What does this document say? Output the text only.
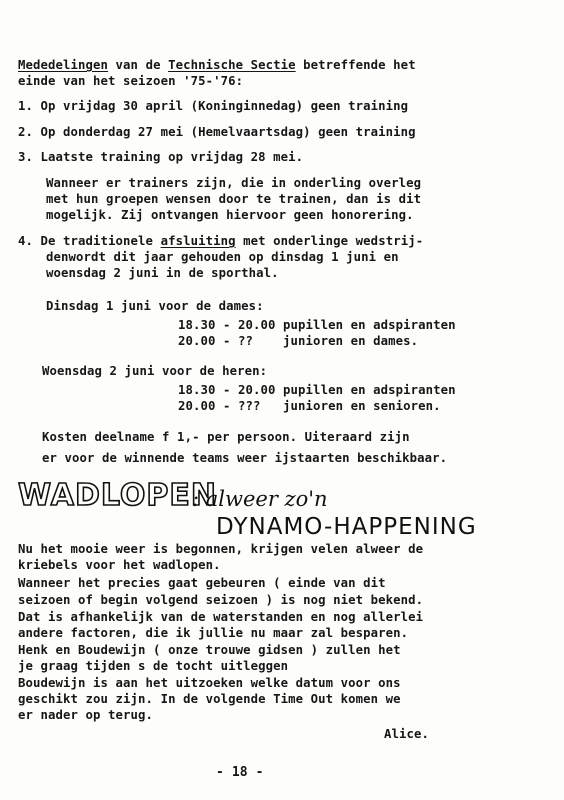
Mededelingen van de Technische Sectie betreffende het
einde van het seizoen '75-'76:
1. Op vrijdag 30 april (Koninginnedag) geen training
2. Op donderdag 27 mei (Hemelvaartsdag) geen training
3. Laatste training op vrijdag 28 mei.
Wanneer er trainers zijn, die in onderling overleg
met hun groepen wensen door te trainen, dan is dit
mogelijk. Zij ontvangen hiervoor geen honorering.
4. De traditionele afsluiting met onderlinge wedstrij-
denwordt dit jaar gehouden op dinsdag 1 juni en
woensdag 2 juni in de sporthal.
Dinsdag 1 juni voor de dames:
18.30 - 20.00 pupillen en adspiranten
20.00 - ??    junioren en dames.
Woensdag 2 juni voor de heren:
18.30 - 20.00 pupillen en adspiranten
20.00 - ???   junioren en senioren.
Kosten deelname f 1,- per persoon. Uiteraard zijn
er voor de winnende teams weer ijstaarten beschikbaar.
WADLOPEN
: alweer zo'n
DYNAMO-HAPPENING
Nu het mooie weer is begonnen, krijgen velen alweer de
kriebels voor het wadlopen.
Wanneer het precies gaat gebeuren ( einde van dit
seizoen of begin volgend seizoen ) is nog niet bekend.
Dat is afhankelijk van de waterstanden en nog allerlei
andere factoren, die ik jullie nu maar zal besparen.
Henk en Boudewijn ( onze trouwe gidsen ) zullen het
je graag tijden s de tocht uitleggen
Boudewijn is aan het uitzoeken welke datum voor ons
geschikt zou zijn. In de volgende Time Out komen we
er nader op terug.
Alice.
- 18 -
